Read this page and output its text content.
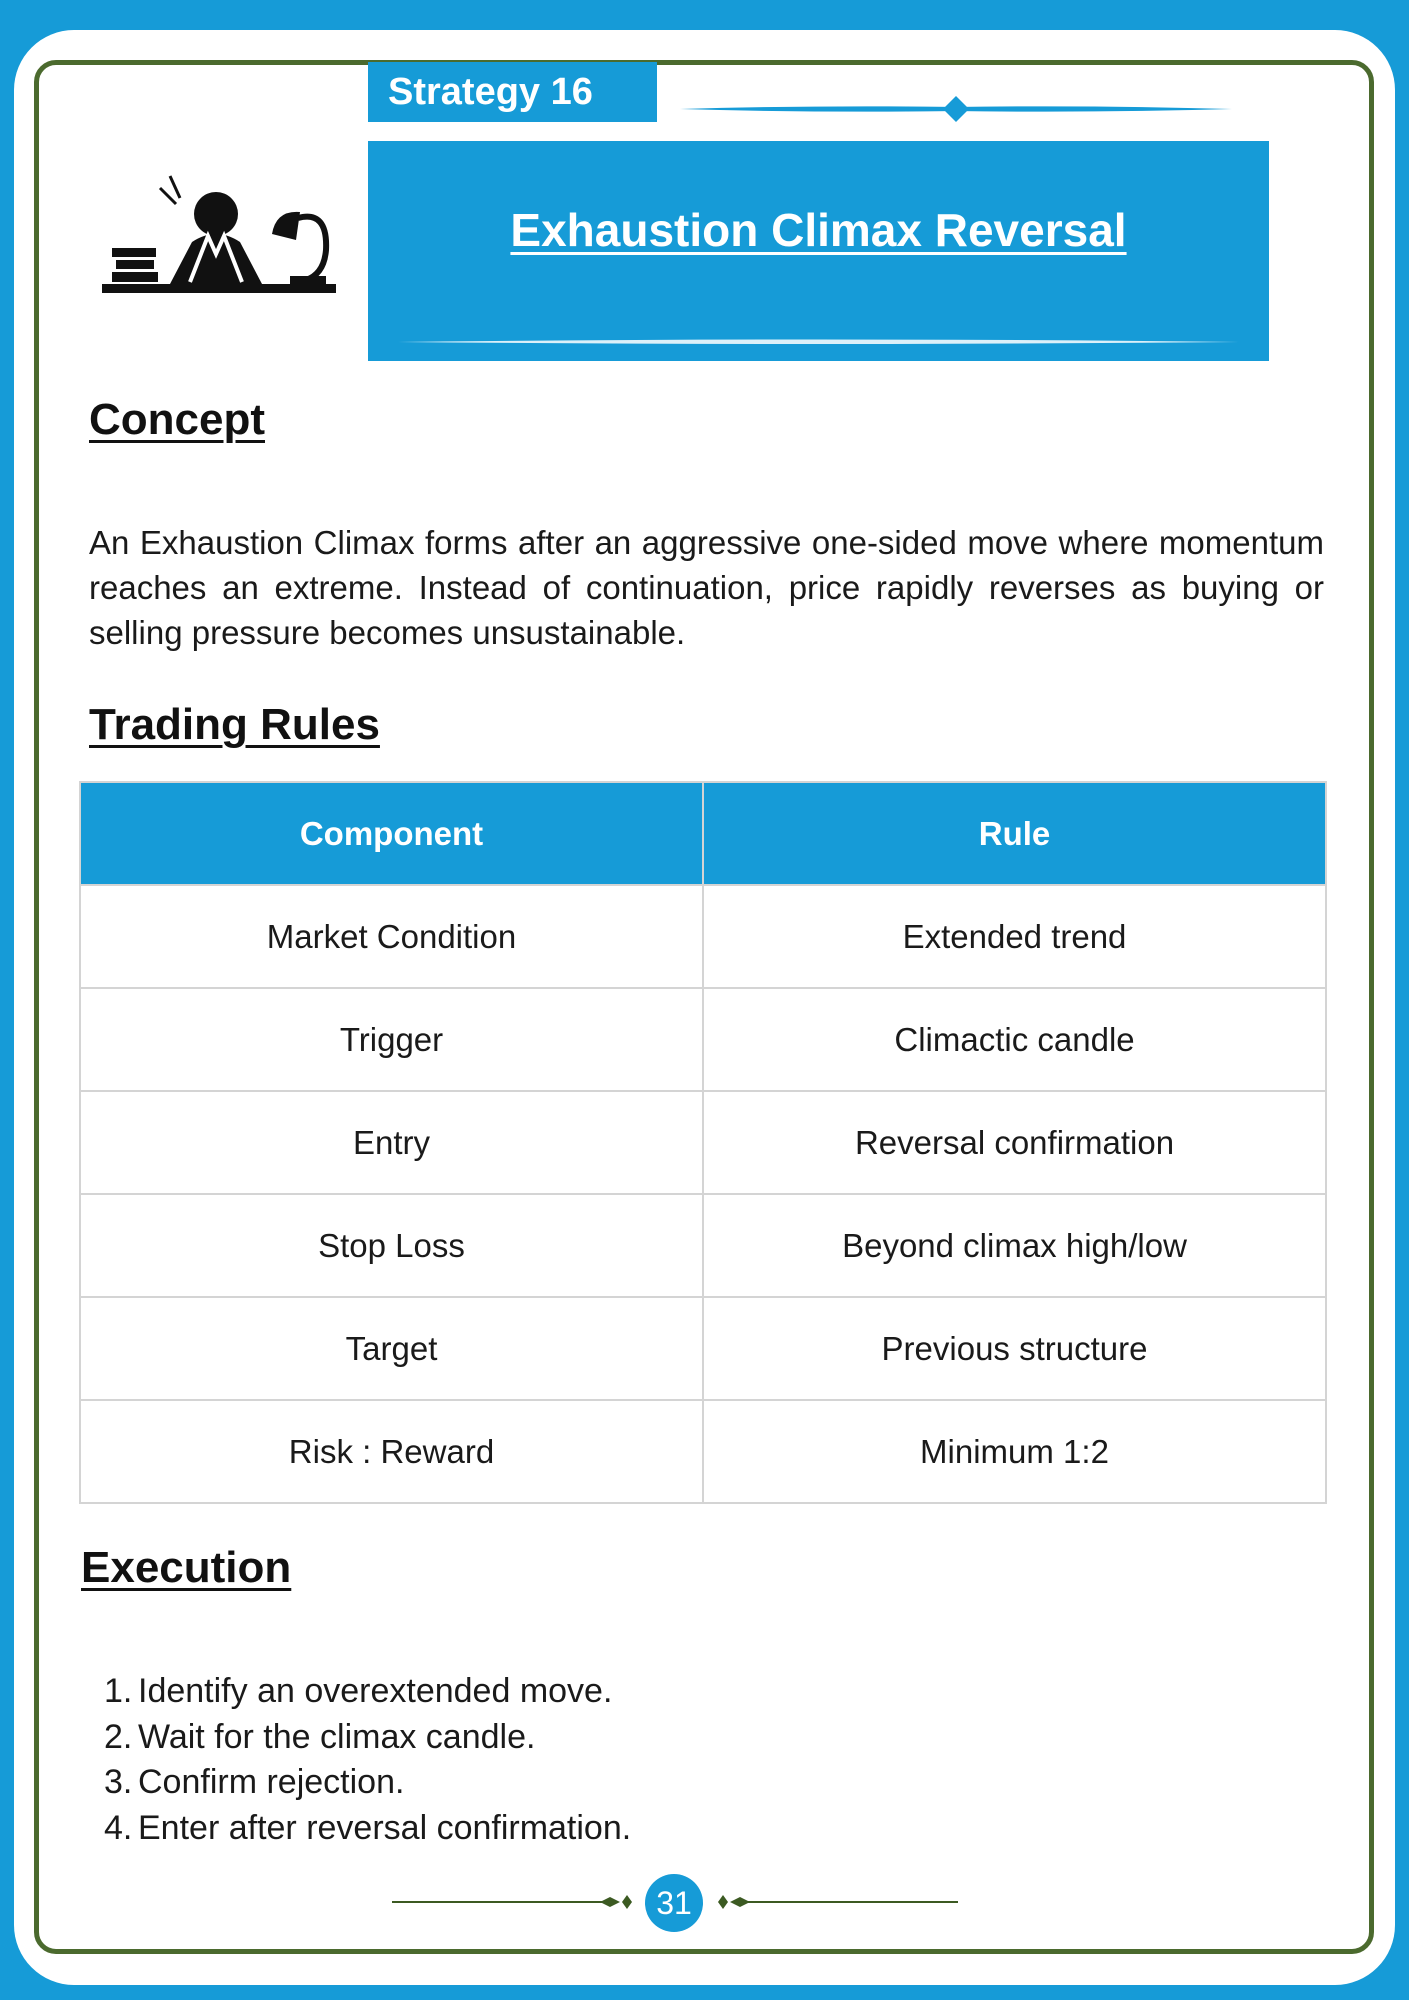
Strategy 16
Exhaustion Climax Reversal
Concept

An Exhaustion Climax forms after an aggressive one-sided move where momentum reaches an extreme. Instead of continuation, price rapidly reverses as buying or selling pressure becomes unsustainable.

Trading Rules
Component	Rule
Market Condition	Extended trend
Trigger	Climactic candle
Entry	Reversal confirmation
Stop Loss	Beyond climax high/low
Target	Previous structure
Risk : Reward	Minimum 1:2
Execution
1. Identify an overextended move.
2. Wait for the climax candle.
3. Confirm rejection.
4. Enter after reversal confirmation.
31
